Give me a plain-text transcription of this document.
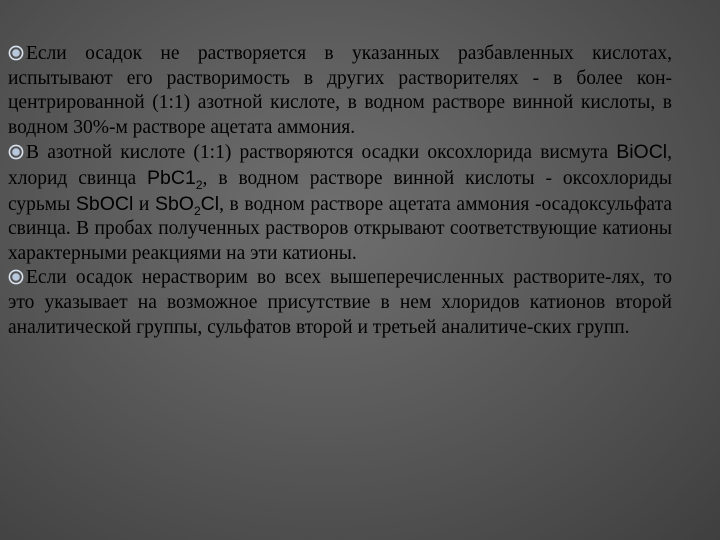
Если осадок не растворяется в указанных разбавленных кислотах, испытывают его растворимость в других растворителях - в более кон-центрированной (1:1) азотной кислоте, в водном растворе винной кислоты, в водном 30%-м растворе ацетата аммония.

В азотной кислоте (1:1) растворяются осадки оксохлорида висмута BiOCl, хлорид свинца $PbC1_2$, в водном растворе винной кислоты - оксохлориды сурьмы SbOCl и SbO$_2$Cl, в водном растворе ацетата аммония -осадоксульфата свинца. В пробах полученных растворов открывают соответствующие катионы характерными реакциями на эти катионы.

Если осадок нерастворим во всех вышеперечисленных растворите-лях, то это указывает на возможное присутствие в нем хлоридов катионов второй аналитической группы, сульфатов второй и третьей аналитиче-ских групп.
